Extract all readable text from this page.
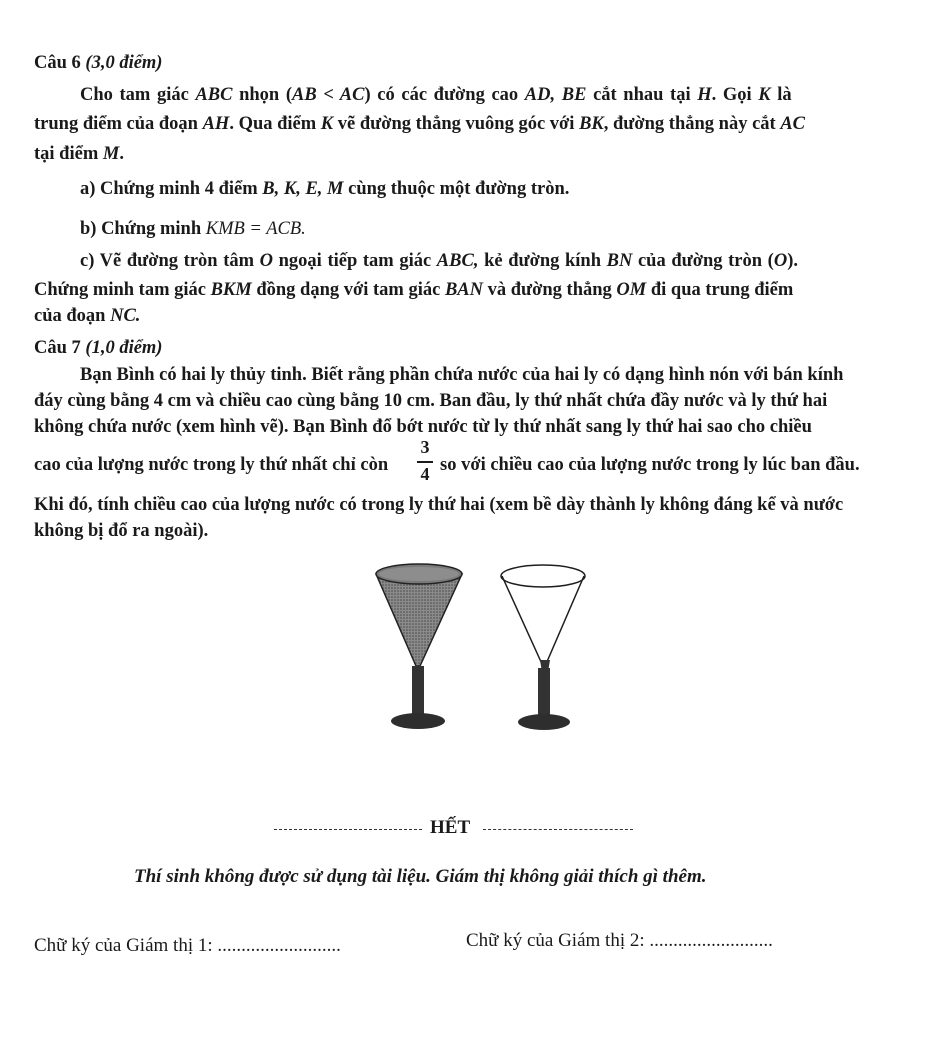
Câu 6 (3,0 điểm)
Cho tam giác ABC nhọn (AB < AC) có các đường cao AD, BE cắt nhau tại H. Gọi K là
trung điểm của đoạn AH. Qua điểm K vẽ đường thẳng vuông góc với BK, đường thẳng này cắt AC
tại điểm M.
a) Chứng minh 4 điểm B, K, E, M cùng thuộc một đường tròn.
b) Chứng minh KMB = ACB.
c) Vẽ đường tròn tâm O ngoại tiếp tam giác ABC, kẻ đường kính BN của đường tròn (O).
Chứng minh tam giác BKM đồng dạng với tam giác BAN và đường thẳng OM đi qua trung điểm
của đoạn NC.
Câu 7 (1,0 điểm)
Bạn Bình có hai ly thủy tinh. Biết rằng phần chứa nước của hai ly có dạng hình nón với bán kính
đáy cùng bằng 4 cm và chiều cao cùng bằng 10 cm. Ban đầu, ly thứ nhất chứa đầy nước và ly thứ hai
không chứa nước (xem hình vẽ). Bạn Bình đổ bớt nước từ ly thứ nhất sang ly thứ hai sao cho chiều
cao của lượng nước trong ly thứ nhất chỉ còn
3
4 so với chiều cao của lượng nước trong ly lúc ban đầu.
Khi đó, tính chiều cao của lượng nước có trong ly thứ hai (xem bề dày thành ly không đáng kể và nước
không bị đổ ra ngoài).
HẾT
Thí sinh không được sử dụng tài liệu. Giám thị không giải thích gì thêm.
Chữ ký của Giám thị 1: ..........................	Chữ ký của Giám thị 2: ..........................
